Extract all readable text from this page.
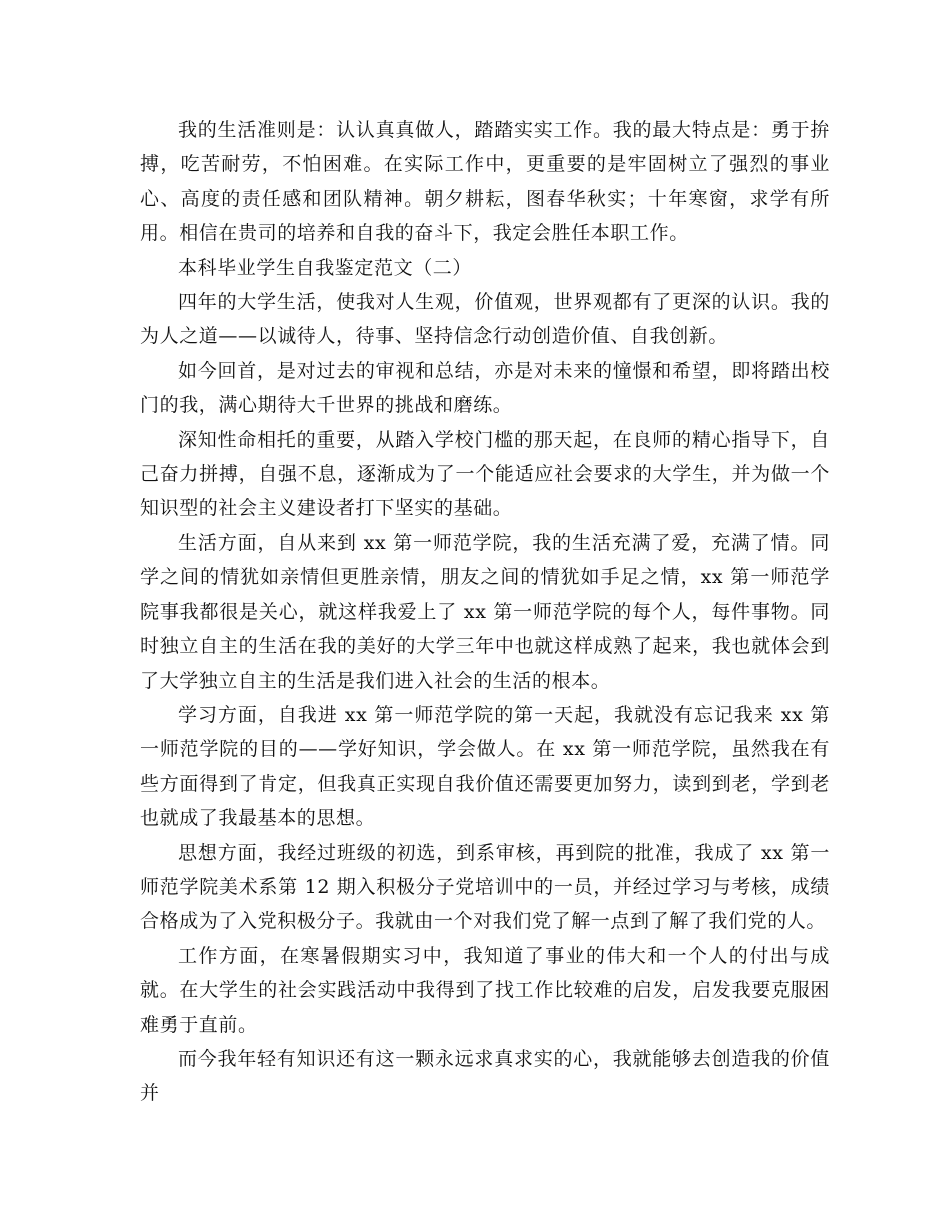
我的生活准则是：认认真真做人，踏踏实实工作。我的最大特点是：勇于拚搏，吃苦耐劳，不怕困难。在实际工作中，更重要的是牢固树立了强烈的事业心、高度的责任感和团队精神。朝夕耕耘，图春华秋实；十年寒窗，求学有所用。相信在贵司的培养和自我的奋斗下，我定会胜任本职工作。

本科毕业学生自我鉴定范文（二）

四年的大学生活，使我对人生观，价值观，世界观都有了更深的认识。我的为人之道——以诚待人，待事、坚持信念行动创造价值、自我创新。

如今回首，是对过去的审视和总结，亦是对未来的憧憬和希望，即将踏出校门的我，满心期待大千世界的挑战和磨练。

深知性命相托的重要，从踏入学校门槛的那天起，在良师的精心指导下，自己奋力拼搏，自强不息，逐渐成为了一个能适应社会要求的大学生，并为做一个知识型的社会主义建设者打下坚实的基础。

生活方面，自从来到 xx 第一师范学院，我的生活充满了爱，充满了情。同学之间的情犹如亲情但更胜亲情，朋友之间的情犹如手足之情，xx 第一师范学院事我都很是关心，就这样我爱上了 xx 第一师范学院的每个人，每件事物。同时独立自主的生活在我的美好的大学三年中也就这样成熟了起来，我也就体会到了大学独立自主的生活是我们进入社会的生活的根本。

学习方面，自我进 xx 第一师范学院的第一天起，我就没有忘记我来 xx 第一师范学院的目的——学好知识，学会做人。在 xx 第一师范学院，虽然我在有些方面得到了肯定，但我真正实现自我价值还需要更加努力，读到到老，学到老也就成了我最基本的思想。

思想方面，我经过班级的初选，到系审核，再到院的批准，我成了 xx 第一师范学院美术系第 12 期入积极分子党培训中的一员，并经过学习与考核，成绩合格成为了入党积极分子。我就由一个对我们党了解一点到了解了我们党的人。

工作方面，在寒暑假期实习中，我知道了事业的伟大和一个人的付出与成就。在大学生的社会实践活动中我得到了找工作比较难的启发，启发我要克服困难勇于直前。

而今我年轻有知识还有这一颗永远求真求实的心，我就能够去创造我的价值并
